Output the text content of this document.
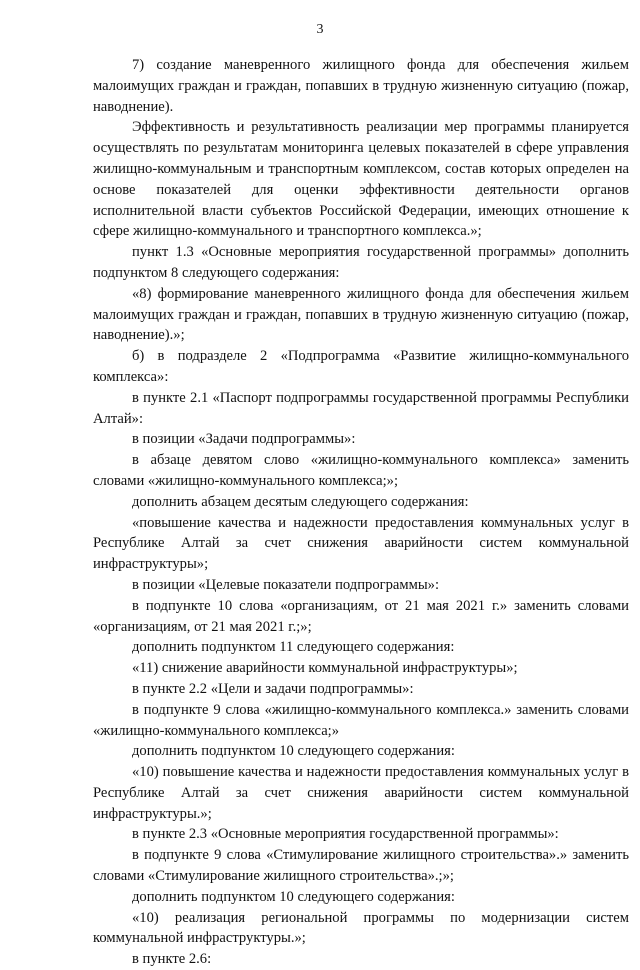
3

7) создание маневренного жилищного фонда для обеспечения жильем малоимущих граждан и граждан, попавших в трудную жизненную ситуацию (пожар, наводнение).

Эффективность и результативность реализации мер программы планируется осуществлять по результатам мониторинга целевых показателей в сфере управления жилищно-коммунальным и транспортным комплексом, состав которых определен на основе показателей для оценки эффективности деятельности органов исполнительной власти субъектов Российской Федерации, имеющих отношение к сфере жилищно-коммунального и транспортного комплекса.»;

пункт 1.3 «Основные мероприятия государственной программы» дополнить подпунктом 8 следующего содержания:

«8) формирование маневренного жилищного фонда для обеспечения жильем малоимущих граждан и граждан, попавших в трудную жизненную ситуацию (пожар, наводнение).»;

б) в подразделе 2 «Подпрограмма «Развитие жилищно-коммунального комплекса»:

в пункте 2.1 «Паспорт подпрограммы государственной программы Республики Алтай»:

в позиции «Задачи подпрограммы»:

в абзаце девятом слово «жилищно-коммунального комплекса» заменить словами «жилищно-коммунального комплекса;»;

дополнить абзацем десятым следующего содержания:

«повышение качества и надежности предоставления коммунальных услуг в Республике Алтай за счет снижения аварийности систем коммунальной инфраструктуры»;

в позиции «Целевые показатели подпрограммы»:

в подпункте 10 слова «организациям, от 21 мая 2021 г.» заменить словами «организациям, от 21 мая 2021 г.;»;

дополнить подпунктом 11 следующего содержания:

«11) снижение аварийности коммунальной инфраструктуры»;

в пункте 2.2 «Цели и задачи подпрограммы»:

в подпункте 9 слова «жилищно-коммунального комплекса.» заменить словами «жилищно-коммунального комплекса;»

дополнить подпунктом 10 следующего содержания:

«10) повышение качества и надежности предоставления коммунальных услуг в Республике Алтай за счет снижения аварийности систем коммунальной инфраструктуры.»;

в пункте 2.3 «Основные мероприятия государственной программы»:

в подпункте 9 слова «Стимулирование жилищного строительства».» заменить словами «Стимулирование жилищного строительства».;»;

дополнить подпунктом 10 следующего содержания:

«10) реализация региональной программы по модернизации систем коммунальной инфраструктуры.»;

в пункте 2.6:
